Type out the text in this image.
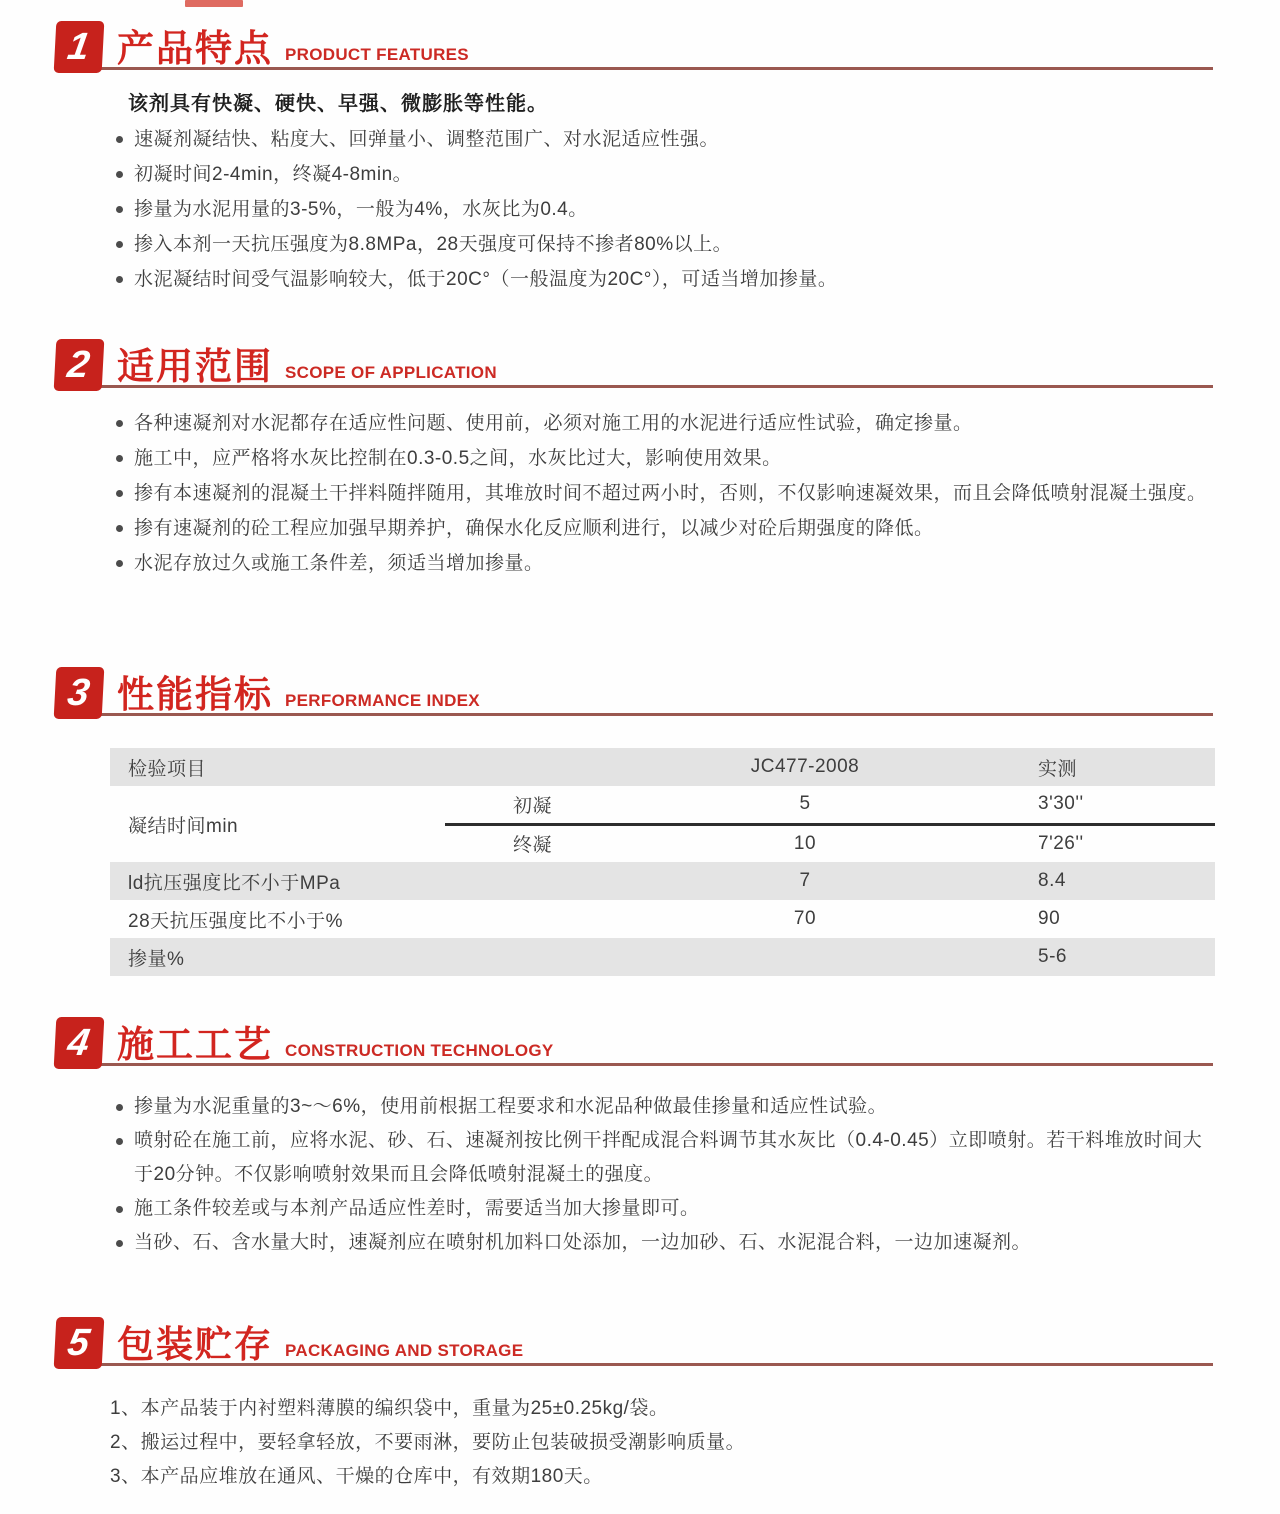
1 产品特点 PRODUCT FEATURES

该剂具有快凝、硬快、早强、微膨胀等性能。

速凝剂凝结快、粘度大、回弹量小、调整范围广、对水泥适应性强。
初凝时间2-4min，终凝4-8min。
掺量为水泥用量的3-5%，一般为4%，水灰比为0.4。
掺入本剂一天抗压强度为8.8MPa，28天强度可保持不掺者80%以上。
水泥凝结时间受气温影响较大，低于20C°（一般温度为20C°），可适当增加掺量。
2 适用范围 SCOPE OF APPLICATION
各种速凝剂对水泥都存在适应性问题、使用前，必须对施工用的水泥进行适应性试验，确定掺量。
施工中，应严格将水灰比控制在0.3-0.5之间，水灰比过大，影响使用效果。
掺有本速凝剂的混凝土干拌料随拌随用，其堆放时间不超过两小时，否则，不仅影响速凝效果，而且会降低喷射混凝土强度。
掺有速凝剂的砼工程应加强早期养护，确保水化反应顺利进行，以减少对砼后期强度的降低。
水泥存放过久或施工条件差，须适当增加掺量。
3 性能指标 PERFORMANCE INDEX
检验项目		JC477-2008	实测
凝结时间min	初凝	5	3'30''
	终凝	10	7'26''
ld抗压强度比不小于MPa		7	8.4
28天抗压强度比不小于%		70	90
掺量%			5-6
4 施工工艺 CONSTRUCTION TECHNOLOGY
掺量为水泥重量的3~～6%，使用前根据工程要求和水泥品种做最佳掺量和适应性试验。
喷射砼在施工前，应将水泥、砂、石、速凝剂按比例干拌配成混合料调节其水灰比（0.4-0.45）立即喷射。若干料堆放时间大于20分钟。不仅影响喷射效果而且会降低喷射混凝土的强度。
施工条件较差或与本剂产品适应性差时，需要适当加大掺量即可。
当砂、石、含水量大时，速凝剂应在喷射机加料口处添加，一边加砂、石、水泥混合料，一边加速凝剂。
5 包装贮存 PACKAGING AND STORAGE
1、本产品装于内衬塑料薄膜的编织袋中，重量为25±0.25kg/袋。
2、搬运过程中，要轻拿轻放，不要雨淋，要防止包装破损受潮影响质量。
3、本产品应堆放在通风、干燥的仓库中，有效期180天。
